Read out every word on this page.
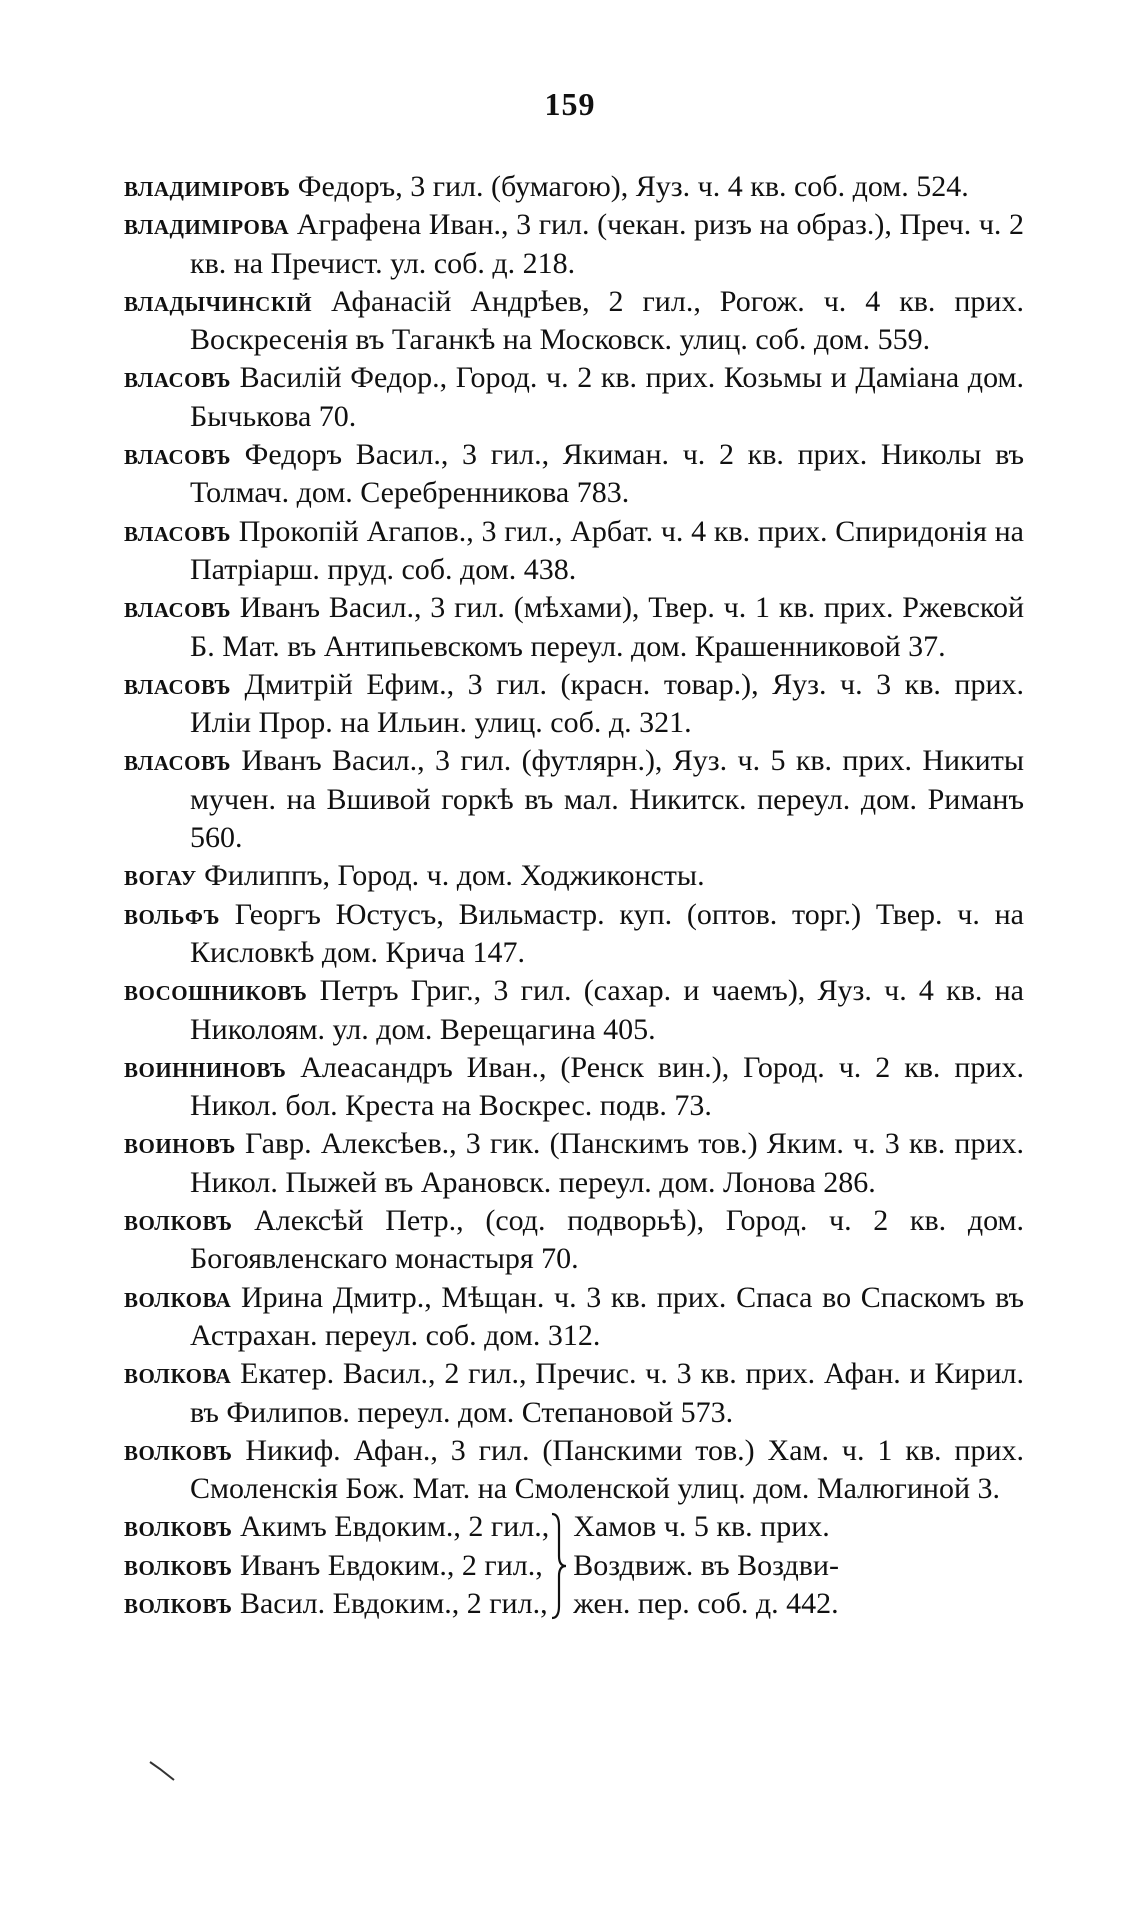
159

владимiровъ Федоръ, 3 гил. (бумагою), Яуз. ч. 4 кв. соб. дом. 524.

владимiрова Аграфена Иван., 3 гил. (чекан. ризъ на образ.), Преч. ч. 2 кв. на Пречист. ул. соб. д. 218.

владычинскiй Афанасiй Андрѣев, 2 гил., Рогож. ч. 4 кв. прих. Воскресенія въ Таганкѣ на Московск. улиц. соб. дом. 559.

власовъ Василій Федор., Город. ч. 2 кв. прих. Козьмы и Даміана дом. Бычькова 70.

власовъ Федоръ Васил., 3 гил., Якиман. ч. 2 кв. прих. Николы въ Толмач. дом. Серебренникова 783.

власовъ Прокопій Агапов., 3 гил., Арбат. ч. 4 кв. прих. Спиридонія на Патріарш. пруд. соб. дом. 438.

власовъ Иванъ Васил., 3 гил. (мѣхами), Твер. ч. 1 кв. прих. Ржевской Б. Мат. въ Антипьевскомъ переул. дом. Крашенниковой 37.

власовъ Дмитрій Ефим., 3 гил. (красн. товар.), Яуз. ч. 3 кв. прих. Иліи Прор. на Ильин. улиц. соб. д. 321.

власовъ Иванъ Васил., 3 гил. (футлярн.), Яуз. ч. 5 кв. прих. Никиты мучен. на Вшивой горкѣ въ мал. Никитск. переул. дом. Риманъ 560.

вогау Филиппъ, Город. ч. дом. Ходжиконсты.

вольфъ Георгъ Юстусъ, Вильмастр. куп. (оптов. торг.) Твер. ч. на Кисловкѣ дом. Крича 147.

восошниковъ Петръ Григ., 3 гил. (сахар. и чаемъ), Яуз. ч. 4 кв. на Николоям. ул. дом. Верещагина 405.

воинниновъ Алеасандръ Иван., (Ренск вин.), Город. ч. 2 кв. прих. Никол. бол. Креста на Воскрес. подв. 73.

воиновъ Гавр. Алексѣев., 3 гик. (Панскимъ тов.) Яким. ч. 3 кв. прих. Никол. Пыжей въ Арановск. переул. дом. Лонова 286.

волковъ Алексѣй Петр., (сод. подворьѣ), Город. ч. 2 кв. дом. Богоявленскаго монастыря 70.

волкова Ирина Дмитр., Мѣщан. ч. 3 кв. прих. Спаса во Спаскомъ въ Астрахан. переул. соб. дом. 312.

волкова Екатер. Васил., 2 гил., Пречис. ч. 3 кв. прих. Афан. и Кирил. въ Филипов. переул. дом. Степановой 573.

волковъ Никиф. Афан., 3 гил. (Панскими тов.) Хам. ч. 1 кв. прих. Смоленскія Бож. Мат. на Смоленской улиц. дом. Малюгиной 3.

волковъ Акимъ Евдоким., 2 гил.,
волковъ Иванъ Евдоким., 2 гил.,
волковъ Васил. Евдоким., 2 гил.,
Хамов ч. 5 кв. прих.
Воздвиж. въ Воздви-
жен. пер. соб. д. 442.
